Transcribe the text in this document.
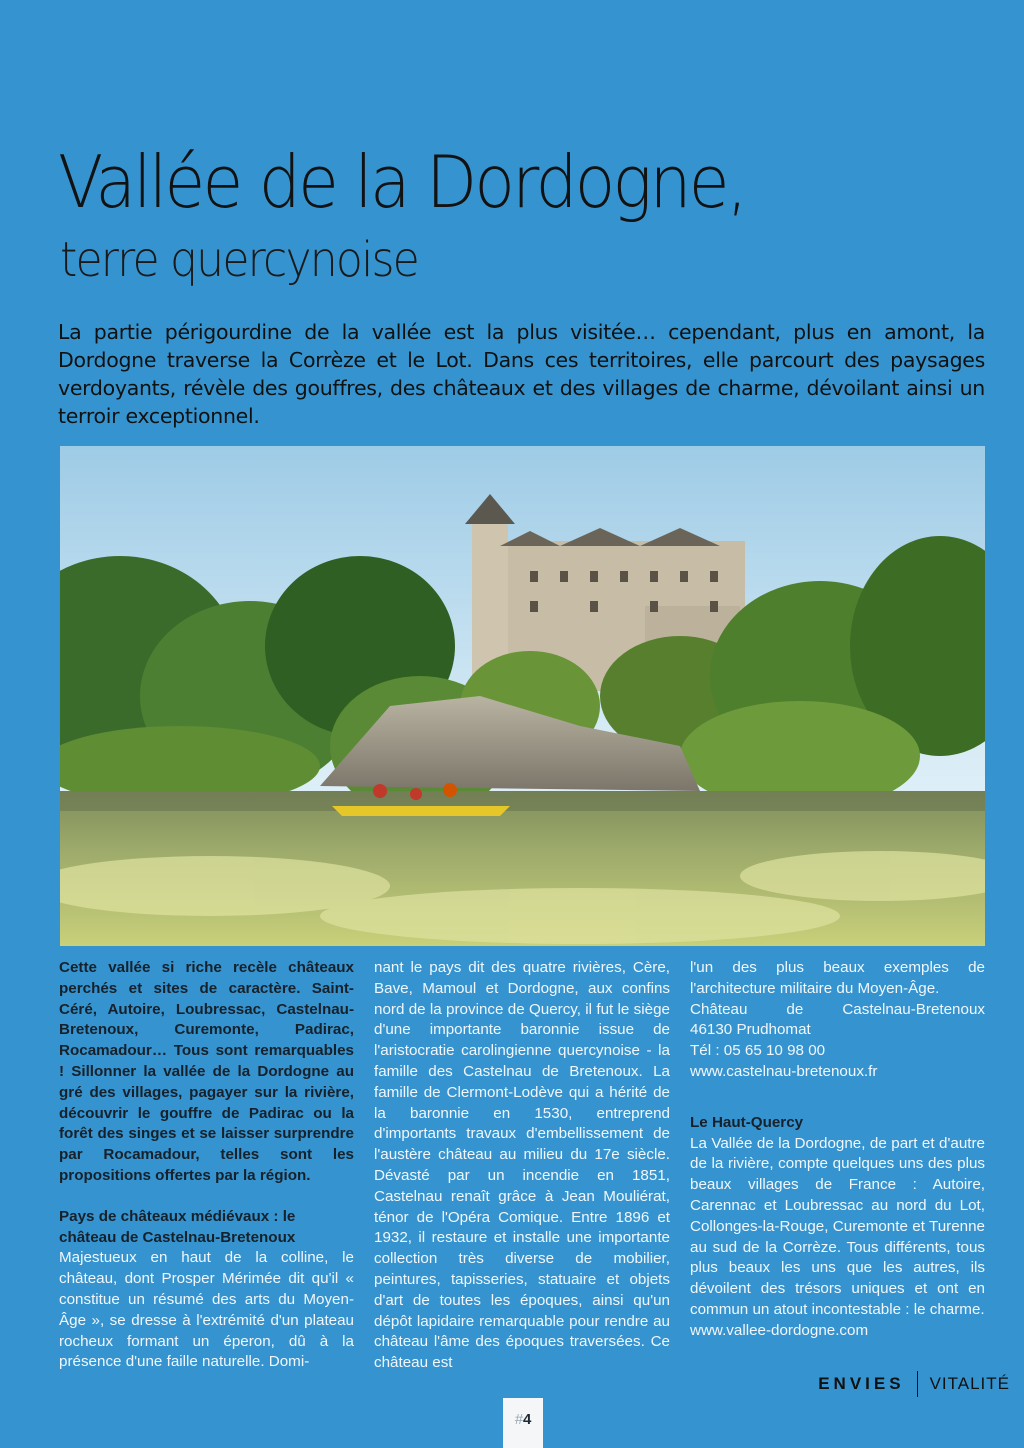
Vallée de la Dordogne,
terre quercynoise

La partie périgourdine de la vallée est la plus visitée… cependant, plus en amont, la Dordogne traverse la Corrèze et le Lot. Dans ces territoires, elle parcourt des paysages verdoyants, révèle des gouffres, des châteaux et des villages de charme, dévoilant ainsi un terroir exceptionnel.

Cette vallée si riche recèle châteaux perchés et sites de caractère. Saint-Céré, Autoire, Loubressac, Castelnau-Bretenoux, Curemonte, Padirac, Rocamadour… Tous sont remarquables ! Sillonner la vallée de la Dordogne au gré des villages, pagayer sur la rivière, découvrir le gouffre de Padirac ou la forêt des singes et se laisser surprendre par Rocamadour, telles sont les propositions offertes par la région.

Pays de châteaux médiévaux : le château de Castelnau-Bretenoux

Majestueux en haut de la colline, le château, dont Prosper Mérimée dit qu'il « constitue un résumé des arts du Moyen-Âge », se dresse à l'extrémité d'un plateau rocheux formant un éperon, dû à la présence d'une faille naturelle. Domi-

nant le pays dit des quatre rivières, Cère, Bave, Mamoul et Dordogne, aux confins nord de la province de Quercy, il fut le siège d'une importante baronnie issue de l'aristocratie carolingienne quercynoise - la famille des Castelnau de Bretenoux. La famille de Clermont-Lodève qui a hérité de la baronnie en 1530, entreprend d'importants travaux d'embellissement de l'austère château au milieu du 17e siècle. Dévasté par un incendie en 1851, Castelnau renaît grâce à Jean Mouliérat, ténor de l'Opéra Comique. Entre 1896 et 1932, il restaure et installe une importante collection très diverse de mobilier, peintures, tapisseries, statuaire et objets d'art de toutes les époques, ainsi qu'un dépôt lapidaire remarquable pour rendre au château l'âme des époques traversées. Ce château est

l'un des plus beaux exemples de l'architecture militaire du Moyen-Âge.

Château de Castelnau-Bretenoux

46130 Prudhomat

Tél : 05 65 10 98 00

www.castelnau-bretenoux.fr

Le Haut-Quercy

La Vallée de la Dordogne, de part et d'autre de la rivière, compte quelques uns des plus beaux villages de France : Autoire, Carennac et Loubressac au nord du Lot, Collonges-la-Rouge, Curemonte et Turenne au sud de la Corrèze. Tous différents, tous plus beaux les uns que les autres, ils dévoilent des trésors uniques et ont en commun un atout incontestable : le charme.

www.vallee-dordogne.com

#4
ENVIES VITALITÉ
